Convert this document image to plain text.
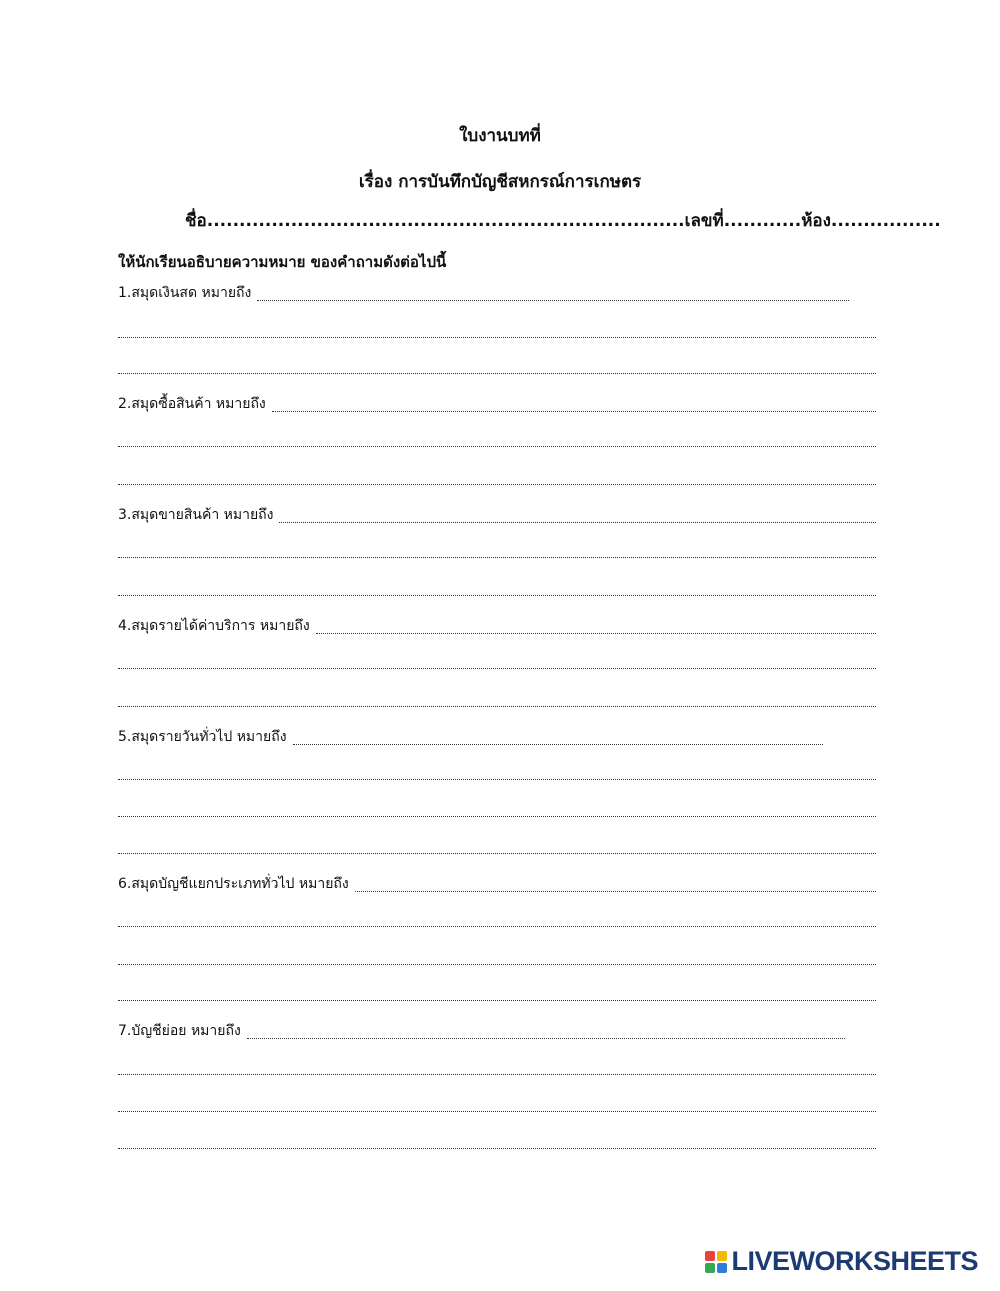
ใบงานบทที่
เรื่อง การบันทึกบัญชีสหกรณ์การเกษตร
ชื่อ..........................................................................เลขที่............ห้อง.................
ให้นักเรียนอธิบายความหมาย ของคำถามดังต่อไปนี้
1.สมุดเงินสด หมายถึง
2.สมุดซื้อสินค้า หมายถึง
3.สมุดขายสินค้า หมายถึง
4.สมุดรายได้ค่าบริการ หมายถึง
5.สมุดรายวันทั่วไป หมายถึง
6.สมุดบัญชีแยกประเภททั่วไป หมายถึง
7.บัญชีย่อย หมายถึง
LIVEWORKSHEETS
